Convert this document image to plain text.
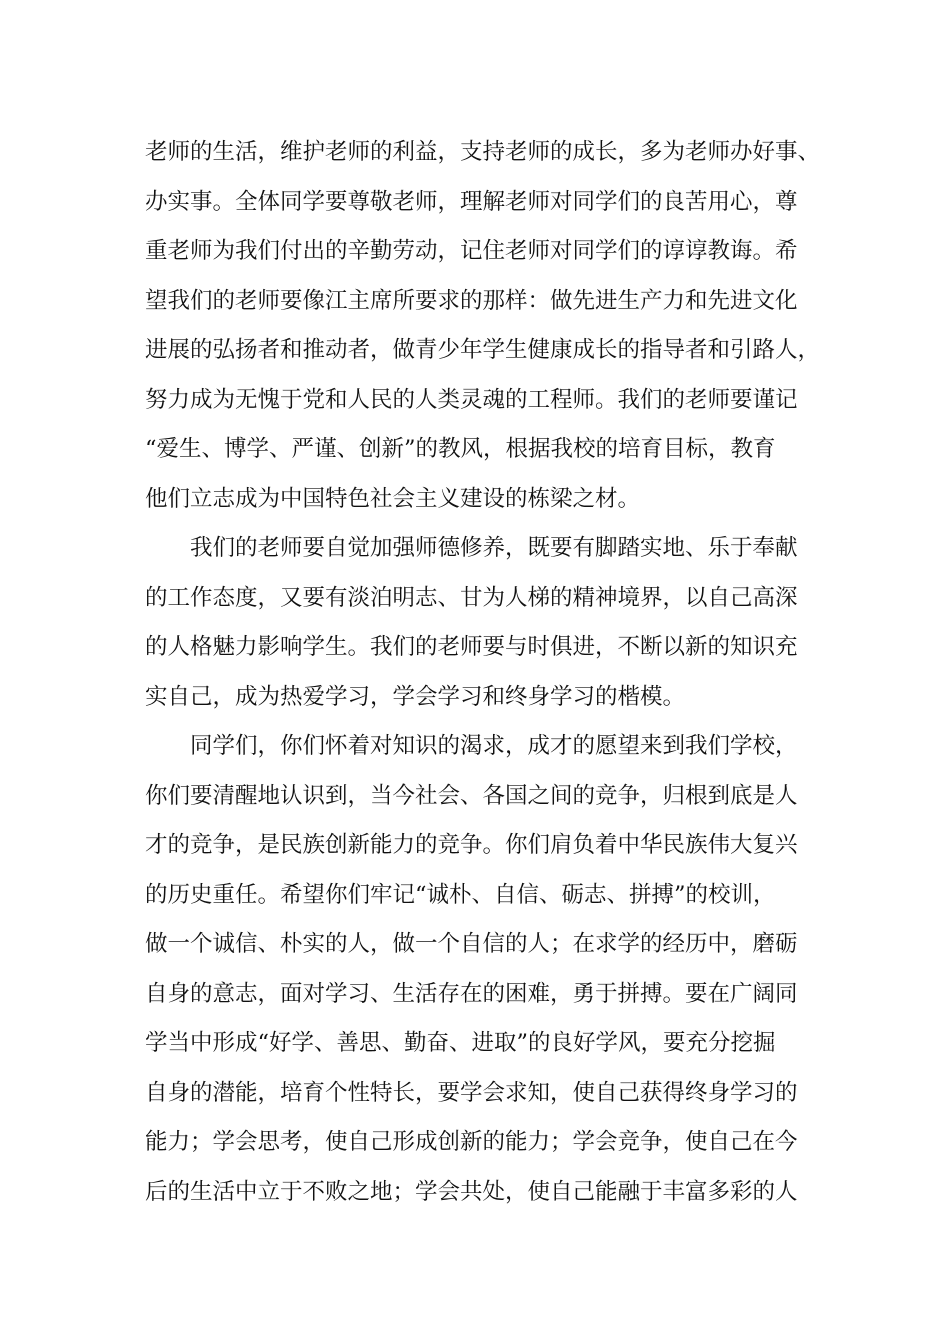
老师的生活，维护老师的利益，支持老师的成长，多为老师办好事、
办实事。全体同学要尊敬老师，理解老师对同学们的良苦用心，尊
重老师为我们付出的辛勤劳动，记住老师对同学们的谆谆教诲。希
望我们的老师要像江主席所要求的那样：做先进生产力和先进文化
进展的弘扬者和推动者，做青少年学生健康成长的指导者和引路人，
努力成为无愧于党和人民的人类灵魂的工程师。我们的老师要谨记
“爱生、博学、严谨、创新”的教风，根据我校的培育目标，教育
他们立志成为中国特色社会主义建设的栋梁之材。
我们的老师要自觉加强师德修养，既要有脚踏实地、乐于奉献
的工作态度，又要有淡泊明志、甘为人梯的精神境界，以自己高深
的人格魅力影响学生。我们的老师要与时俱进，不断以新的知识充
实自己，成为热爱学习，学会学习和终身学习的楷模。
同学们，你们怀着对知识的渴求，成才的愿望来到我们学校，
你们要清醒地认识到，当今社会、各国之间的竞争，归根到底是人
才的竞争，是民族创新能力的竞争。你们肩负着中华民族伟大复兴
的历史重任。希望你们牢记“诚朴、自信、砺志、拼搏”的校训，
做一个诚信、朴实的人，做一个自信的人；在求学的经历中，磨砺
自身的意志，面对学习、生活存在的困难，勇于拼搏。要在广阔同
学当中形成“好学、善思、勤奋、进取”的良好学风，要充分挖掘
自身的潜能，培育个性特长，要学会求知，使自己获得终身学习的
能力；学会思考，使自己形成创新的能力；学会竞争，使自己在今
后的生活中立于不败之地；学会共处，使自己能融于丰富多彩的人
